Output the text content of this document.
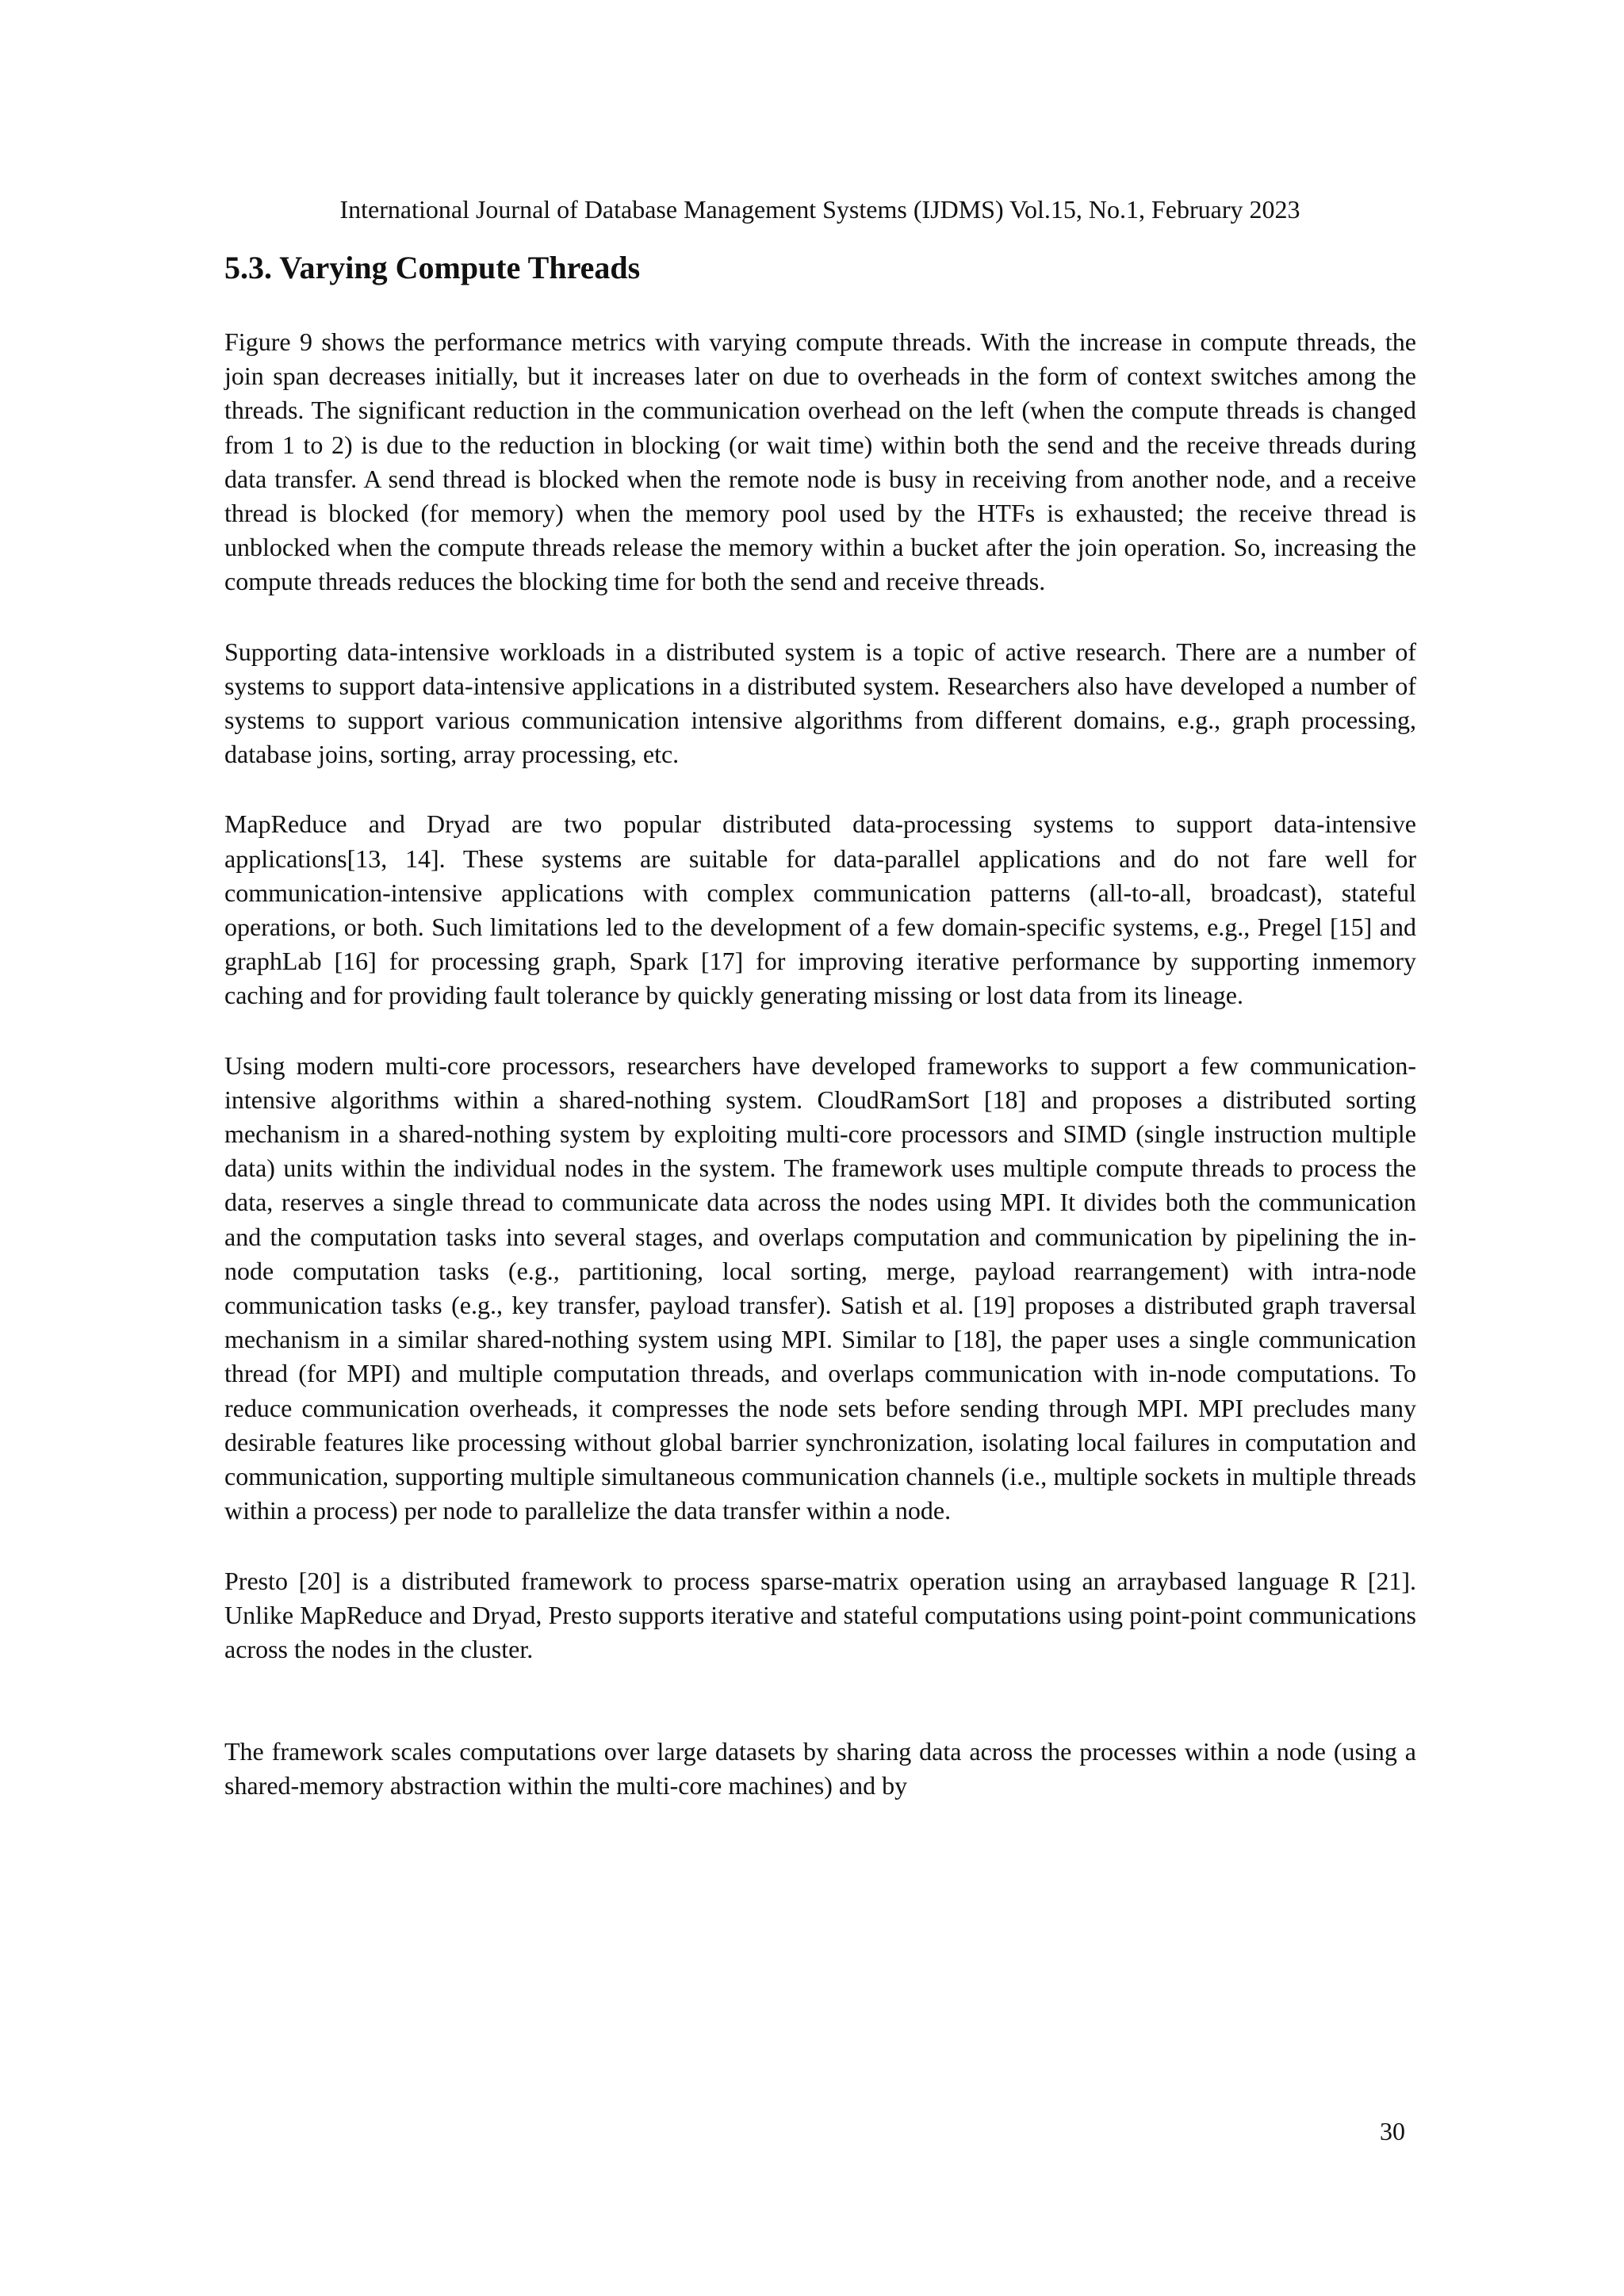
International Journal of Database Management Systems (IJDMS) Vol.15, No.1, February 2023
5.3. Varying Compute Threads

Figure 9 shows the performance metrics with varying compute threads. With the increase in compute threads, the join span decreases initially, but it increases later on due to overheads in the form of context switches among the threads. The significant reduction in the communication overhead on the left (when the compute threads is changed from 1 to 2) is due to the reduction in blocking (or wait time) within both the send and the receive threads during data transfer. A send thread is blocked when the remote node is busy in receiving from another node, and a receive thread is blocked (for memory) when the memory pool used by the HTFs is exhausted; the receive thread is unblocked when the compute threads release the memory within a bucket after the join operation. So, increasing the compute threads reduces the blocking time for both the send and receive threads.

Supporting data-intensive workloads in a distributed system is a topic of active research. There are a number of systems to support data-intensive applications in a distributed system. Researchers also have developed a number of systems to support various communication intensive algorithms from different domains, e.g., graph processing, database joins, sorting, array processing, etc.

MapReduce and Dryad are two popular distributed data-processing systems to support data-intensive applications[13, 14]. These systems are suitable for data-parallel applications and do not fare well for communication-intensive applications with complex communication patterns (all-to-all, broadcast), stateful operations, or both. Such limitations led to the development of a few domain-specific systems, e.g., Pregel [15] and graphLab [16] for processing graph, Spark [17] for improving iterative performance by supporting inmemory caching and for providing fault tolerance by quickly generating missing or lost data from its lineage.

Using modern multi-core processors, researchers have developed frameworks to support a few communication-intensive algorithms within a shared-nothing system. CloudRamSort [18] and proposes a distributed sorting mechanism in a shared-nothing system by exploiting multi-core processors and SIMD (single instruction multiple data) units within the individual nodes in the system. The framework uses multiple compute threads to process the data, reserves a single thread to communicate data across the nodes using MPI. It divides both the communication and the computation tasks into several stages, and overlaps computation and communication by pipelining the in-node computation tasks (e.g., partitioning, local sorting, merge, payload rearrangement) with intra-node communication tasks (e.g., key transfer, payload transfer). Satish et al. [19] proposes a distributed graph traversal mechanism in a similar shared-nothing system using MPI. Similar to [18], the paper uses a single communication thread (for MPI) and multiple computation threads, and overlaps communication with in-node computations. To reduce communication overheads, it compresses the node sets before sending through MPI. MPI precludes many desirable features like processing without global barrier synchronization, isolating local failures in computation and communication, supporting multiple simultaneous communication channels (i.e., multiple sockets in multiple threads within a process) per node to parallelize the data transfer within a node.

Presto [20] is a distributed framework to process sparse-matrix operation using an arraybased language R [21]. Unlike MapReduce and Dryad, Presto supports iterative and stateful computations using point-point communications across the nodes in the cluster.

The framework scales computations over large datasets by sharing data across the processes within a node (using a shared-memory abstraction within the multi-core machines) and by

30
